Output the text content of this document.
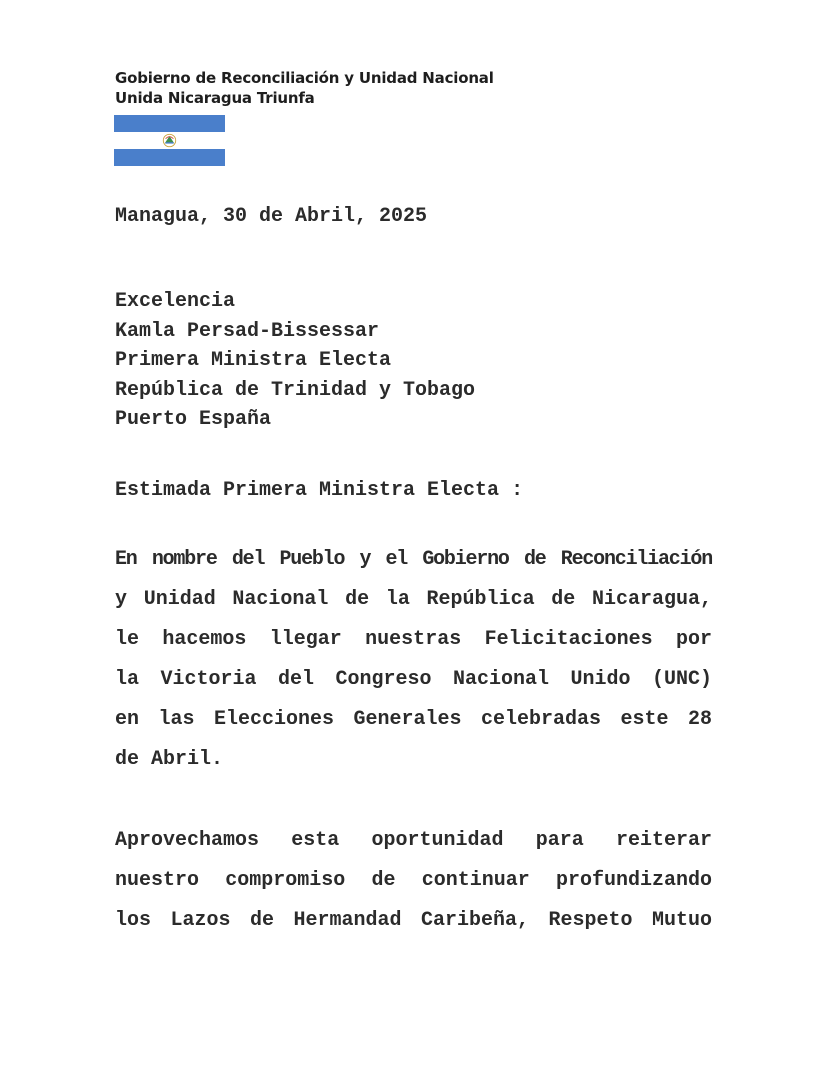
Gobierno de Reconciliación y Unidad Nacional
Unida Nicaragua Triunfa
Managua, 30 de Abril, 2025
Excelencia
Kamla Persad-Bissessar
Primera Ministra Electa
República de Trinidad y Tobago
Puerto España
Estimada Primera Ministra Electa :
En nombre del Pueblo y el Gobierno de Reconciliación
y Unidad Nacional de la República de Nicaragua,
le hacemos llegar nuestras Felicitaciones por
la Victoria del Congreso Nacional Unido (UNC)
en las Elecciones Generales celebradas este 28
de Abril.
Aprovechamos esta oportunidad para reiterar
nuestro compromiso de continuar profundizando
los Lazos de Hermandad Caribeña, Respeto Mutuo
